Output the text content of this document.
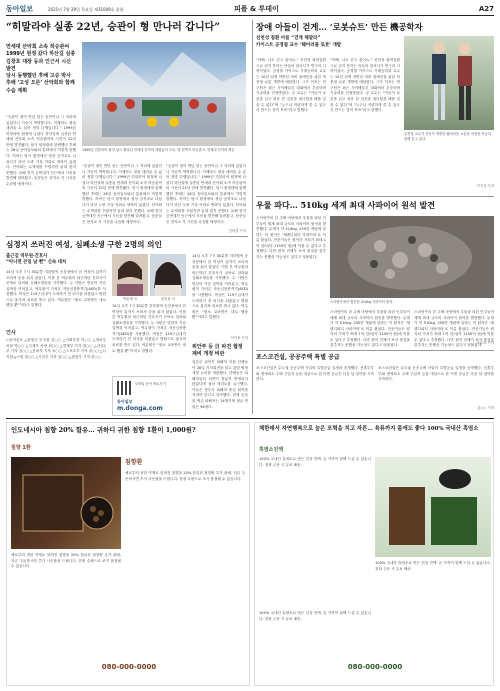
동아일보	2021년 7월 29일 목요일 제31009호 종합	피플 & 투데이	A27
“히말라야 실종 22년, 승관이 형 만나러 갑니다”
연세대 산악회 소속 허승관씨
1999년 원정 갔다 하산길 실종
김창호 대장 등과 인근서 시신 발견
당시 동행했던 후배 고승 박사
후배 ‘고성 오른’ 산악회와 함께 수습 계획
“승관이 형이 반년 넘는 동안이나 그 자리에 있었다니 가슴이 먹먹합니다. 이제라도 형을 데려올 수 있어 정말 다행입니다.” 1999년 히말라야 원정에 나섰다 하산길에 실종된 연세대 산악회 소속 허승관씨의 시신이 22년 만에 발견됐다. 당시 원정대에 함께했던 후배는 28일 동아일보와의 통화에서 이렇게 말했다. 허씨는 당시 원정에서 정상 공격조로 나섰다가 하산 도중 기상 악화로 연락이 끊겼다. 산악회는 수색대를 꾸렸지만 끝내 찾지 못했다. 올해 현지 등반대가 인근에서 시신을 발견해 알려왔고, 동문들은 현지로 가 시신을 수습할 예정이다.
1999년 히말라야 원정 당시 촬영된 연세대 산악회 대원들의 모습. 맨 왼쪽이 허승관씨. 연세대 산악회 제공
“승관이 형이 반년 넘는 동안이나 그 자리에 있었다니 가슴이 먹먹합니다. 이제라도 형을 데려올 수 있어 정말 다행입니다.” 1999년 히말라야 원정에 나섰다 하산길에 실종된 연세대 산악회 소속 허승관씨의 시신이 22년 만에 발견됐다. 당시 원정대에 함께했던 후배는 28일 동아일보와의 통화에서 이렇게 말했다. 허씨는 당시 원정에서 정상 공격조로 나섰다가 하산 도중 기상 악화로 연락이 끊겼다. 산악회는 수색대를 꾸렸지만 끝내 찾지 못했다. 올해 현지 등반대가 인근에서 시신을 발견해 알려왔고, 동문들은 현지로 가 시신을 수습할 예정이다.
“승관이 형이 반년 넘는 동안이나 그 자리에 있었다니 가슴이 먹먹합니다. 이제라도 형을 데려올 수 있어 정말 다행입니다.” 1999년 히말라야 원정에 나섰다 하산길에 실종된 연세대 산악회 소속 허승관씨의 시신이 22년 만에 발견됐다. 당시 원정대에 함께했던 후배는 28일 동아일보와의 통화에서 이렇게 말했다. 허씨는 당시 원정에서 정상 공격조로 나섰다가 하산 도중 기상 악화로 연락이 끊겼다. 산악회는 수색대를 꾸렸지만 끝내 찾지 못했다. 올해 현지 등반대가 인근에서 시신을 발견해 알려왔고, 동문들은 현지로 가 시신을 수습할 예정이다.
김하경 기자
심정지 쓰러진 여성, 심폐소생 구한 2명의 의인
출근길 역무원·간호사
“아니면 큰일 날 뻔” 신속 대처
14일 오후 7시 30분쯤 지하철역 승강장에서 한 여성이 갑자기 쓰러져 숨을 쉬지 않았다. 이를 본 역무원과 퇴근하던 간호사가 곧바로 달려와 심폐소생술을 시작했다. 두 사람은 번갈아 가슴 압박을 이어갔고, 역무원이 가져온 자동심장충격기(AED)를 사용했다. 여성은 119구급대가 도착하기 전 의식을 되찾았고 병원으로 옮겨져 치료를 받고 있다. 역무원은 “평소 교육받은 대로 했을 뿐”이라고 말했다.
박윤재 씨	한지윤 씨
14일 오후 7시 30분쯤 지하철역 승강장에서 한 여성이 갑자기 쓰러져 숨을 쉬지 않았다. 이를 본 역무원과 퇴근하던 간호사가 곧바로 달려와 심폐소생술을 시작했다. 두 사람은 번갈아 가슴 압박을 이어갔고, 역무원이 가져온 자동심장충격기(AED)를 사용했다. 여성은 119구급대가 도착하기 전 의식을 되찾았고 병원으로 옮겨져 치료를 받고 있다. 역무원은 “평소 교육받은 대로 했을 뿐”이라고 말했다.
14일 오후 7시 30분쯤 지하철역 승강장에서 한 여성이 갑자기 쓰러져 숨을 쉬지 않았다. 이를 본 역무원과 퇴근하던 간호사가 곧바로 달려와 심폐소생술을 시작했다. 두 사람은 번갈아 가슴 압박을 이어갔고, 역무원이 가져온 자동심장충격기(AED)를 사용했다. 여성은 119구급대가 도착하기 전 의식을 되찾았고 병원으로 옮겨져 치료를 받고 있다. 역무원은 “평소 교육받은 대로 했을 뿐”이라고 말했다.
이지윤 기자
인사
◇동아일보 △편집국 부국장 김○○ △사회부장 이○○ △정치부 차장 박○○ △국제부 차장 최○○ △경제부 기자 정○○ △산업1부 기자 강○○ △문화부 기자 조○○ △스포츠부 기자 윤○○ △디지털뉴스팀 장○○ △사진부 기자 임○○ △편집부 기자 한○○
모바일 동아 바로가기
동아일보
m.donga.com
위안부 등 日 파견 협정 제비 개정 비판
일본군 위안부 피해자 지원 단체들이 28일 기자회견을 열고 관련 협정 개정 논의를 비판했다. 단체들은 피해자들의 의견이 충분히 반영되지 않았다며 절차 재검토를 요구했다. 이들은 정부가 피해자 중심 원칙을 지켜야 한다고 강조했다. 현재 등록된 생존 피해자는 14명이며 평균 연령은 94세다.
장애 아들이 걷게… ‘로봇슈트’ 만든 機공학자
선천성 질환 아들 “걷게 해달라”
카이스트 공경철 교수 ‘웨어러블 로봇’ 개발
“아빠, 나도 걷고 싶어요.” 선천성 희귀질환으로 걷지 못하는 아들의 한마디가 연구의 시작이었다. 공경철 카이스트 기계공학과 교수는 10년 넘게 하반신 마비 장애인을 위한 착용형 로봇 개발에 매달렸다. 그가 이끄는 연구팀은 최근 사이배슬론 대회에서 우승하며 기술력을 인정받았다. 공 교수는 “아들이 로봇을 입고 처음 한 걸음을 내디뎠을 때를 잊을 수 없다”며 “누구나 저렴하게 쓸 수 있도록 만드는 것이 목표”라고 말했다.
“아빠, 나도 걷고 싶어요.” 선천성 희귀질환으로 걷지 못하는 아들의 한마디가 연구의 시작이었다. 공경철 카이스트 기계공학과 교수는 10년 넘게 하반신 마비 장애인을 위한 착용형 로봇 개발에 매달렸다. 그가 이끄는 연구팀은 최근 사이배슬론 대회에서 우승하며 기술력을 인정받았다. 공 교수는 “아들이 로봇을 입고 처음 한 걸음을 내디뎠을 때를 잊을 수 없다”며 “누구나 저렴하게 쓸 수 있도록 만드는 것이 목표”라고 말했다.
공경철 교수가 자신이 개발한 웨어러블 로봇을 착용한 아들과 함께 걷고 있다.
이기욱 기자
우물 파다… 510kg 세계 최대 사파이어 원석 발견
스리랑카의 한 주택 마당에서 우물을 파던 인부들이 세계 최대 규모의 사파이어 원석을 발견했다. 무게가 약 510kg, 250만 캐럿에 달하는 이 원석은 ‘세렌디피티 사파이어’로 이름 붙었다. 전문가들은 원석의 가치가 최대 1억 달러(약 1150억 원)에 이를 수 있다고 추정했다. 다만 원석 전체가 보석 품질을 갖추지는 못했을 가능성도 있다고 덧붙였다.
스리랑카에서 발견된 510kg 사파이어 원석.
스리랑카의 한 주택 마당에서 우물을 파던 인부들이 세계 최대 규모의 사파이어 원석을 발견했다. 무게가 약 510kg, 250만 캐럿에 달하는 이 원석은 ‘세렌디피티 사파이어’로 이름 붙었다. 전문가들은 원석의 가치가 최대 1억 달러(약 1150억 원)에 이를 수 있다고 추정했다. 다만 원석 전체가 보석 품질을 갖추지는 못했을 가능성도 있다고 덧붙였다.
스리랑카의 한 주택 마당에서 우물을 파던 인부들이 세계 최대 규모의 사파이어 원석을 발견했다. 무게가 약 510kg, 250만 캐럿에 달하는 이 원석은 ‘세렌디피티 사파이어’로 이름 붙었다. 전문가들은 원석의 가치가 최대 1억 달러(약 1150억 원)에 이를 수 있다고 추정했다. 다만 원석 전체가 보석 품질을 갖추지는 못했을 가능성도 있다고 덧붙였다.
조유라 기자
포스코건설, 공공주택 특별 공급
포스코건설은 수도권 공공주택 사업의 특별공급 일정을 공개했다. 신혼부부와 생애최초 주택 구입자 등을 대상으로 한 이번 공급은 다음 달 청약을 시작한다.
포스코건설은 수도권 공공주택 사업의 특별공급 일정을 공개했다. 신혼부부와 생애최초 주택 구입자 등을 대상으로 한 이번 공급은 다음 달 청약을 시작한다.
김○○ 기자
인도네시아 침향 20% 함유… 귀하디 귀한 침향 1환이 1,000원?
침향 1환
침향환
예로부터 귀한 약재로 알려진 침향을 20% 함유한 침향환 특가 판매. 지금 주문하시면 추가 사은품을 드립니다. 한정 수량으로 조기 품절될 수 있습니다.
예로부터 귀한 약재로 알려진 침향을 20% 함유한 침향환 특가 판매. 지금 주문하시면 추가 사은품을 드립니다. 한정 수량으로 조기 품절될 수 있습니다.
080-000-0000
체한데서 자연행복으로 늘은 포혁을 치고 자른… 육류까지 몸에도 좋다 100% 국내산 흑염소
흑염소진액
100% 국내산 흑염소로 만든 건강 진액. 온 가족이 함께 드실 수 있습니다. 전화 주문 시 무료 배송.
100% 국내산 흑염소로 만든 건강 진액. 온 가족이 함께 드실 수 있습니다. 전화 주문 시 무료 배송.
100% 국내산 흑염소로 만든 건강 진액. 온 가족이 함께 드실 수 있습니다. 전화 주문 시 무료 배송.
080-000-0000
